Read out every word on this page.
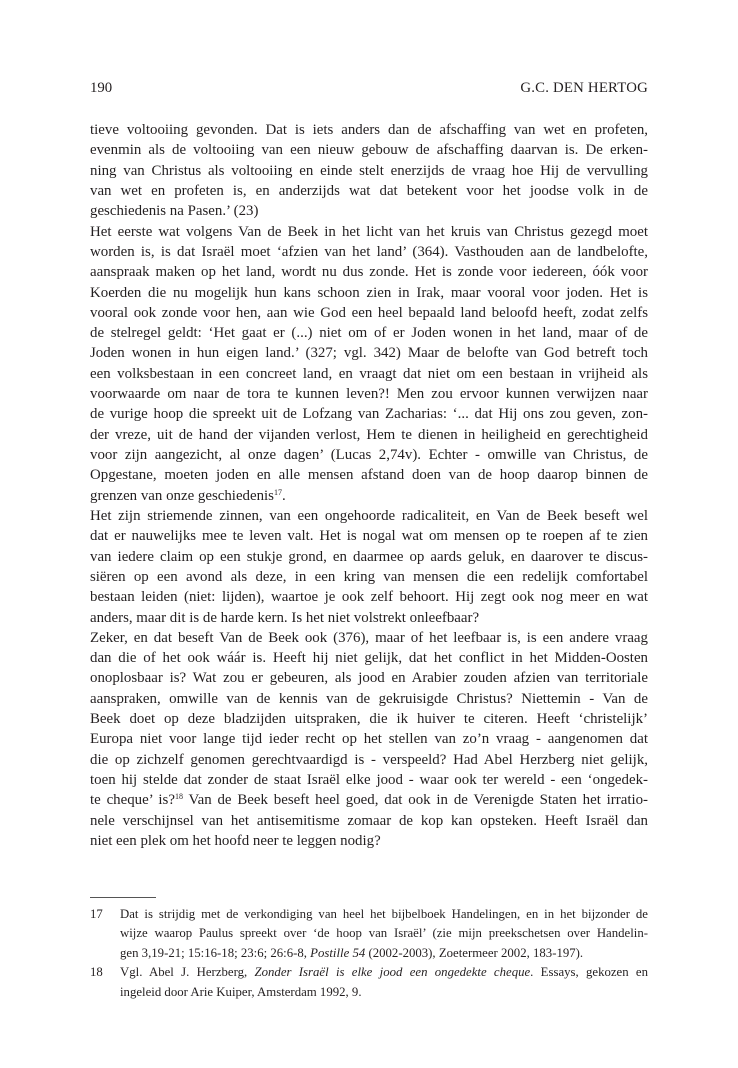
190	G.C. DEN HERTOG
tieve voltooiing gevonden. Dat is iets anders dan de afschaffing van wet en profeten,
evenmin als de voltooiing van een nieuw gebouw de afschaffing daarvan is. De erken-
ning van Christus als voltooiing en einde stelt enerzijds de vraag hoe Hij de vervulling
van wet en profeten is, en anderzijds wat dat betekent voor het joodse volk in de
geschiedenis na Pasen.’ (23)
Het eerste wat volgens Van de Beek in het licht van het kruis van Christus gezegd moet
worden is, is dat Israël moet ‘afzien van het land’ (364). Vasthouden aan de landbelofte,
aanspraak maken op het land, wordt nu dus zonde. Het is zonde voor iedereen, óók voor
Koerden die nu mogelijk hun kans schoon zien in Irak, maar vooral voor joden. Het is
vooral ook zonde voor hen, aan wie God een heel bepaald land beloofd heeft, zodat zelfs
de stelregel geldt: ‘Het gaat er (...) niet om of er Joden wonen in het land, maar of de
Joden wonen in hun eigen land.’ (327; vgl. 342) Maar de belofte van God betreft toch
een volksbestaan in een concreet land, en vraagt dat niet om een bestaan in vrijheid als
voorwaarde om naar de tora te kunnen leven?! Men zou ervoor kunnen verwijzen naar
de vurige hoop die spreekt uit de Lofzang van Zacharias: ‘... dat Hij ons zou geven, zon-
der vreze, uit de hand der vijanden verlost, Hem te dienen in heiligheid en gerechtigheid
voor zijn aangezicht, al onze dagen’ (Lucas 2,74v). Echter - omwille van Christus, de
Opgestane, moeten joden en alle mensen afstand doen van de hoop daarop binnen de
grenzen van onze geschiedenis$^{17}$.
Het zijn striemende zinnen, van een ongehoorde radicaliteit, en Van de Beek beseft wel
dat er nauwelijks mee te leven valt. Het is nogal wat om mensen op te roepen af te zien
van iedere claim op een stukje grond, en daarmee op aards geluk, en daarover te discus-
siëren op een avond als deze, in een kring van mensen die een redelijk comfortabel
bestaan leiden (niet: lijden), waartoe je ook zelf behoort. Hij zegt ook nog meer en wat
anders, maar dit is de harde kern. Is het niet volstrekt onleefbaar?
Zeker, en dat beseft Van de Beek ook (376), maar of het leefbaar is, is een andere vraag
dan die of het ook wáár is. Heeft hij niet gelijk, dat het conflict in het Midden-Oosten
onoplosbaar is? Wat zou er gebeuren, als jood en Arabier zouden afzien van territoriale
aanspraken, omwille van de kennis van de gekruisigde Christus? Niettemin - Van de
Beek doet op deze bladzijden uitspraken, die ik huiver te citeren. Heeft ‘christelijk’
Europa niet voor lange tijd ieder recht op het stellen van zo’n vraag - aangenomen dat
die op zichzelf genomen gerechtvaardigd is - verspeeld? Had Abel Herzberg niet gelijk,
toen hij stelde dat zonder de staat Israël elke jood - waar ook ter wereld - een ‘ongedek-
te cheque’ is?$^{18}$ Van de Beek beseft heel goed, dat ook in de Verenigde Staten het irratio-
nele verschijnsel van het antisemitisme zomaar de kop kan opsteken. Heeft Israël dan
niet een plek om het hoofd neer te leggen nodig?
17 Dat is strijdig met de verkondiging van heel het bijbelboek Handelingen, en in het bijzonder de
wijze waarop Paulus spreekt over ‘de hoop van Israël’ (zie mijn preekschetsen over Handelin-
gen 3,19-21; 15:16-18; 23:6; 26:6-8, Postille 54 (2002-2003), Zoetermeer 2002, 183-197).
18 Vgl. Abel J. Herzberg, Zonder Israël is elke jood een ongedekte cheque. Essays, gekozen en
ingeleid door Arie Kuiper, Amsterdam 1992, 9.
